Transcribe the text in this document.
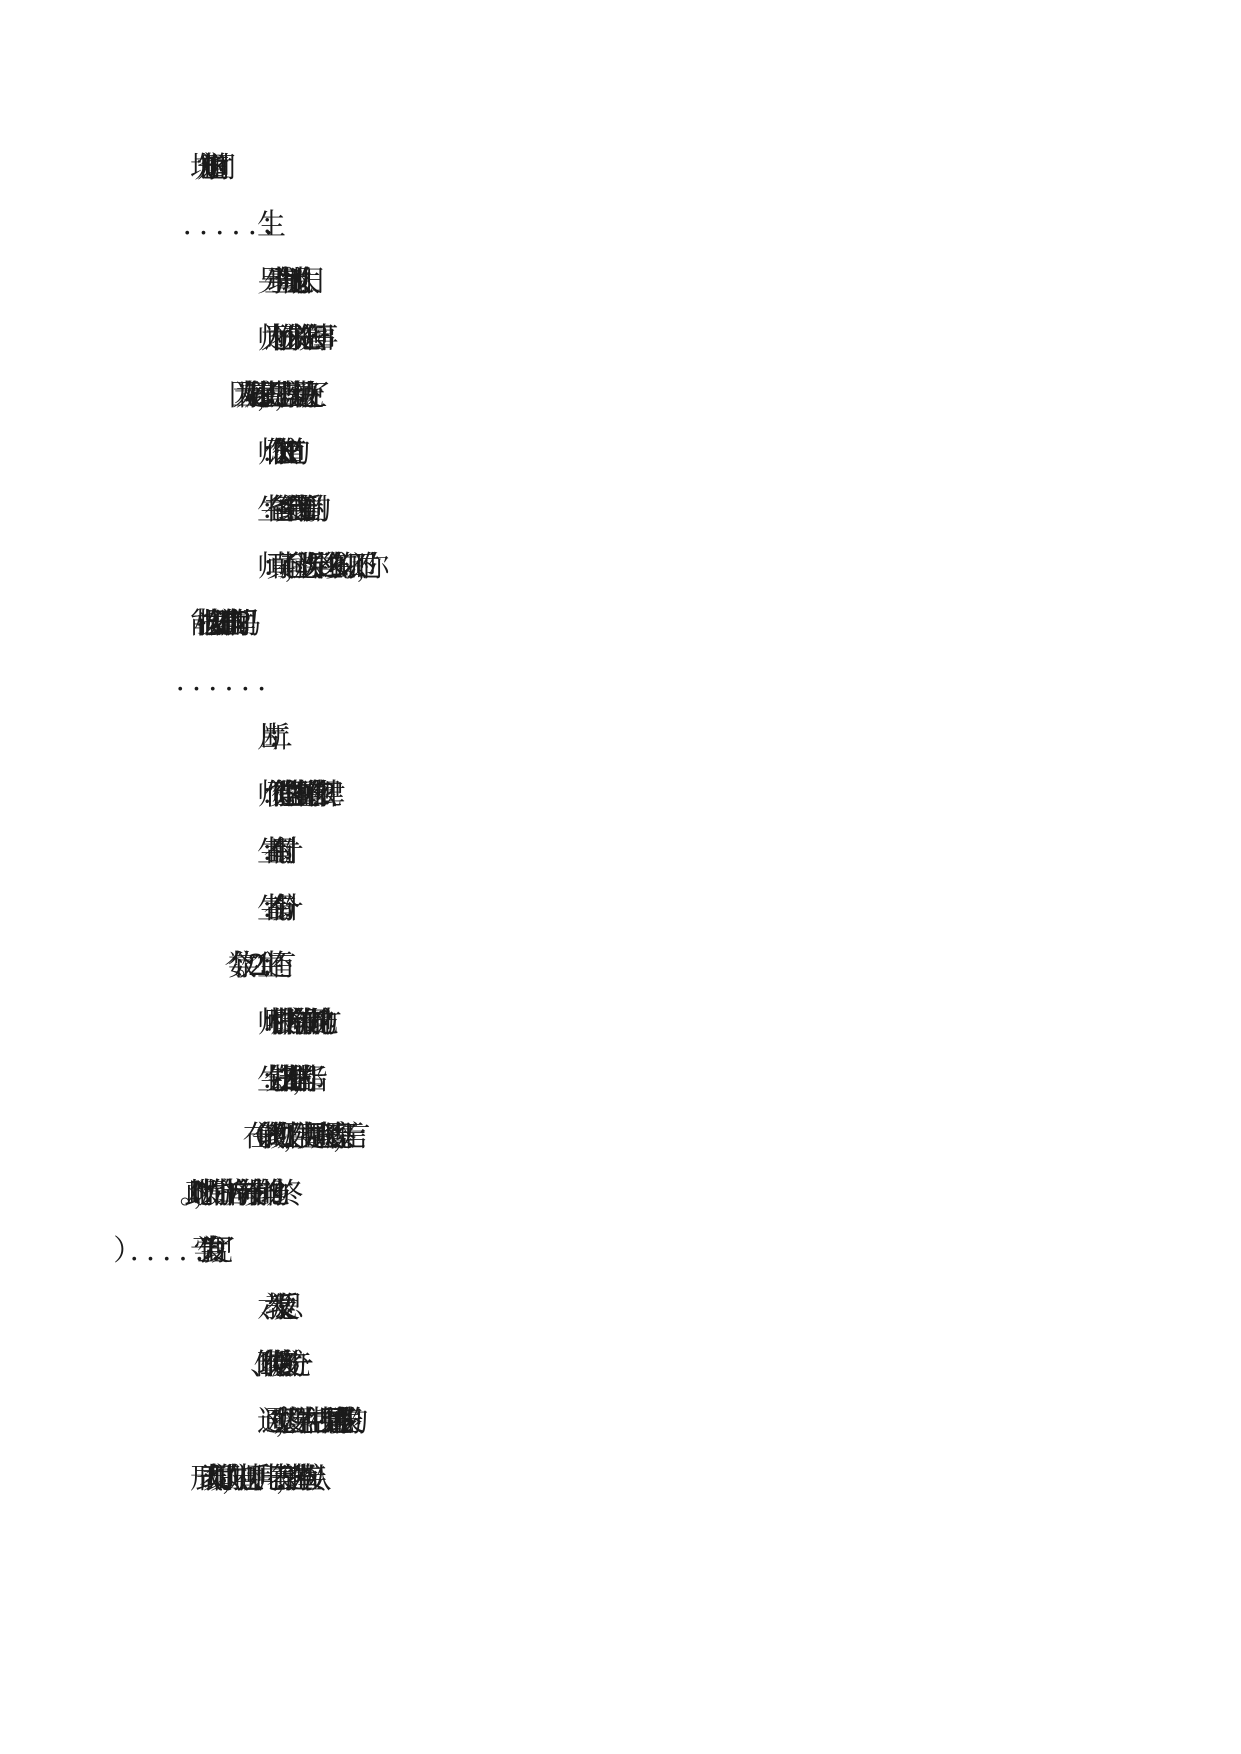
地方知道时间？
另一生理直气壮地说：太阳。
师为之一怔：你来说一说怎么一回事？
生: 因为太阳升起来了，就是早上，落山就是快晚上了。
师：你怎么知道的?
生：在爸爸买给我的书上看到的。
师：真了不起，能从课外学到这么多的知识。不过，你
能根据太阳知道准确的时间吗?
片断二：
师：你觉得这些钟面（整时）有什么规律?
生：都有时针。
生：都有分针。
师：哪根针指的方向有没有相同的地方?
生：分针指的是一样的，都指 12。
（在一个试教的班级中，学生更是瞪大眼睛观察，无言
以“对”。此时，师：分针指的方向有没有一样的地方？终
六、教学反思:
1、体现传授与启发的统一
通过观察，发现学生在生活中见到最多的'是电子表的
形式表现时间的，如电视、手机、电子表等，就选择直接从
